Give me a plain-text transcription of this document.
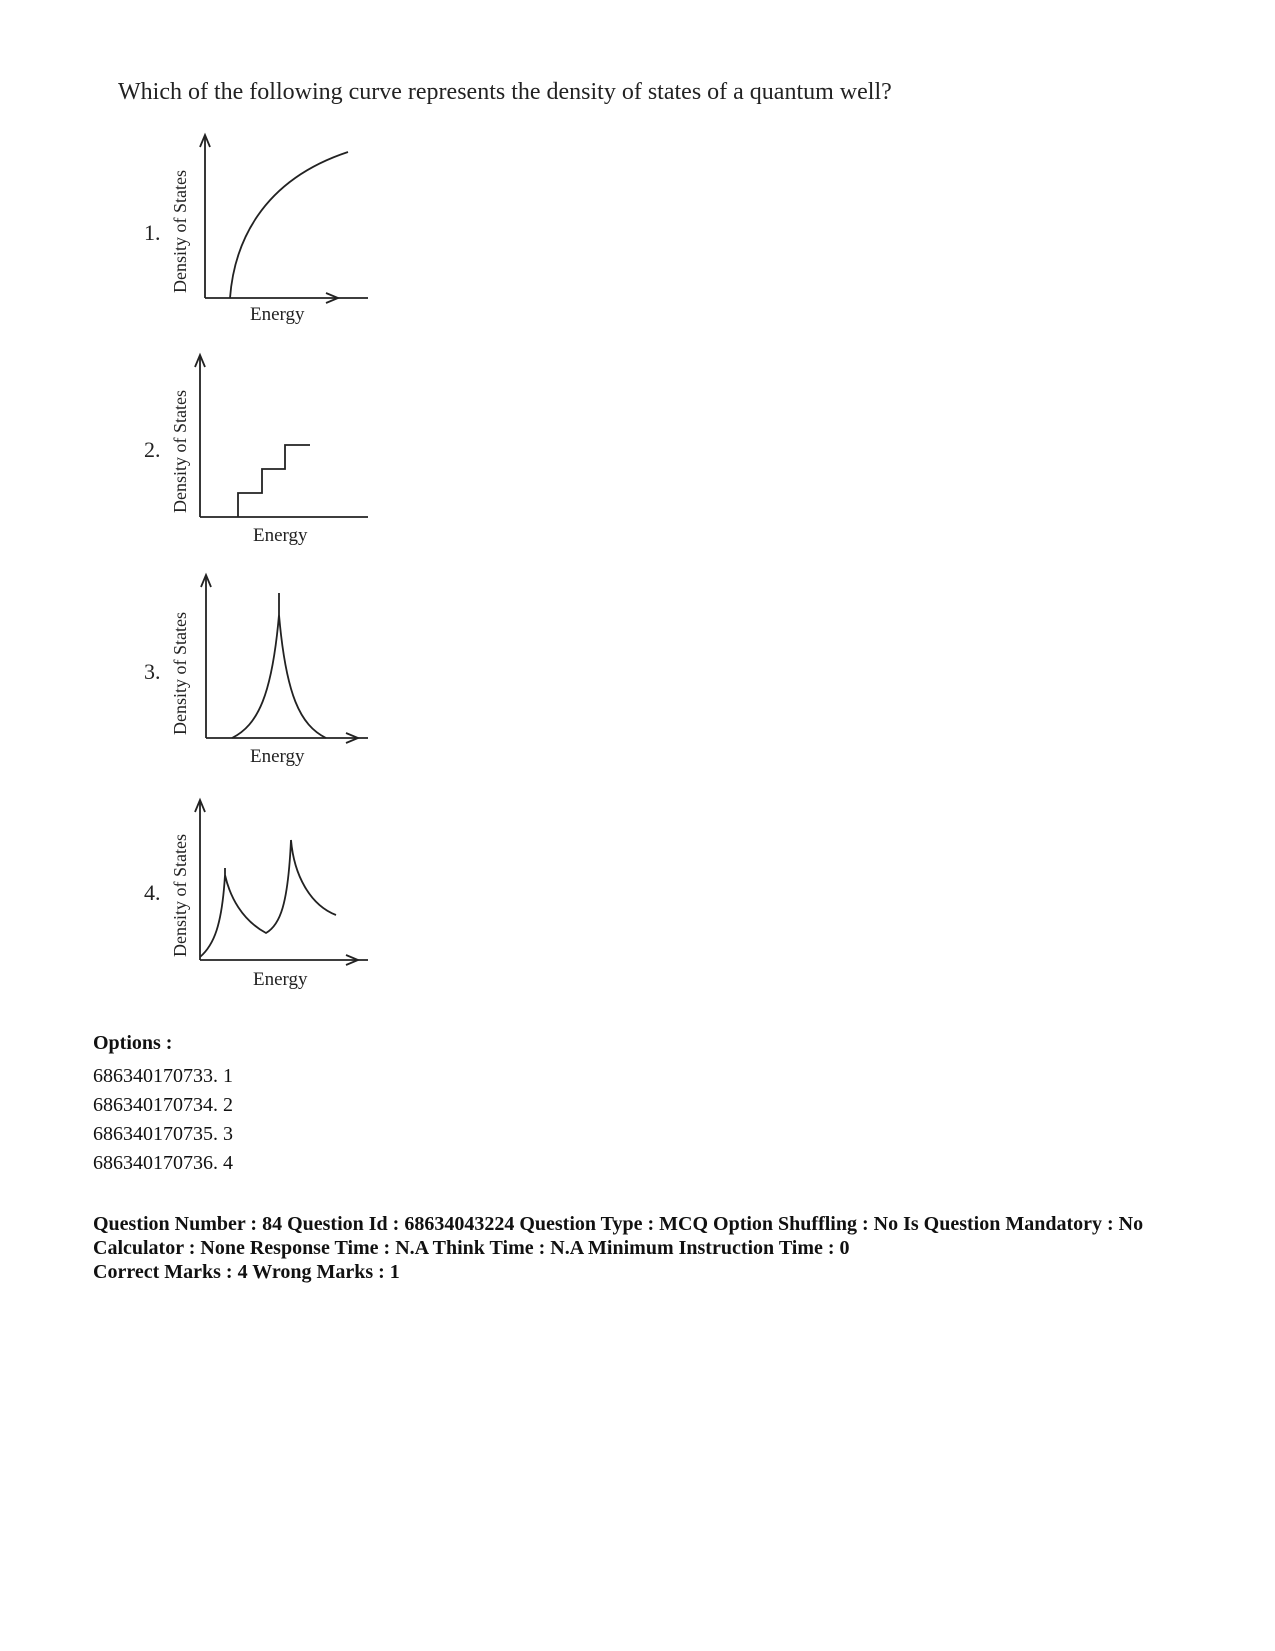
Which of the following curve represents the density of states of a quantum well?
1. Density of States
Energy
2. Density of States
Energy
3. Density of States
Energy
4. Density of States
Energy
Options :
686340170733. 1
686340170734. 2
686340170735. 3
686340170736. 4

Question Number : 84 Question Id : 68634043224 Question Type : MCQ Option Shuffling : No Is Question Mandatory : No Calculator : None Response Time : N.A Think Time : N.A Minimum Instruction Time : 0

Correct Marks : 4 Wrong Marks : 1
